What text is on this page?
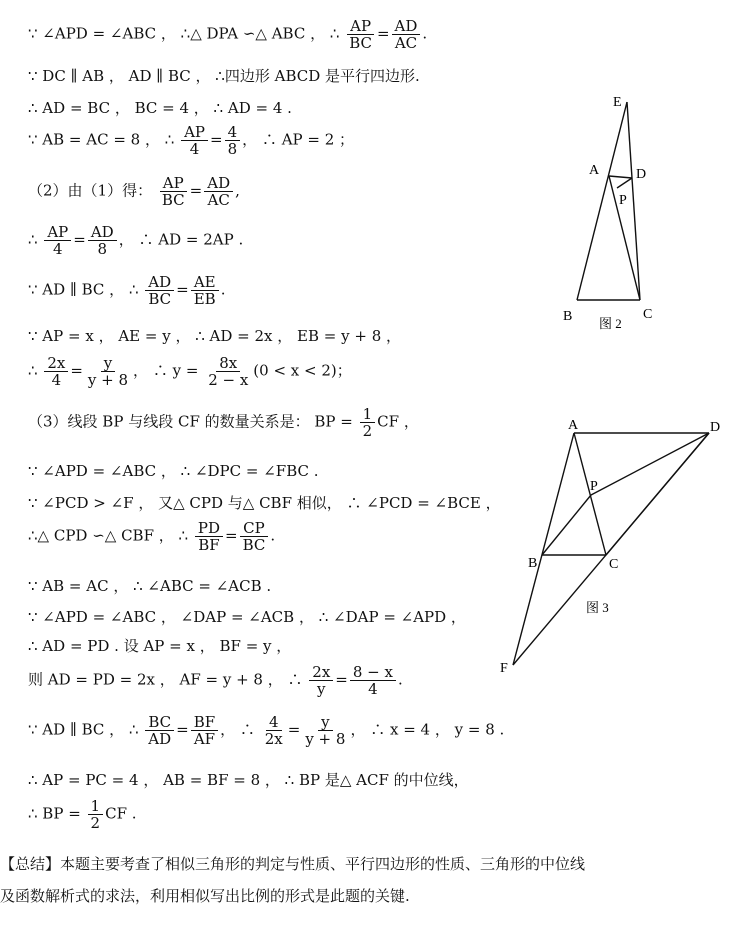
∵ ∠APD = ∠ABC ， ∴△ DPA ∽△ ABC ， ∴ $\frac{AP}{BC} = \frac{AD}{AC}$ .
∵ DC ∥ AB ， AD ∥ BC ， ∴四边形 ABCD 是平行四边形.
∴ AD = BC ， BC = 4 ， ∴ AD = 4 .
∵ AB = AC = 8 ， ∴ $\frac{AP}{4} = \frac{4}{8}$ ， ∴ AP = 2 ；
（2）由（1）得： $\frac{AP}{BC} = \frac{AD}{AC}$ ,
∴ $\frac{AP}{4} = \frac{AD}{8}$ ， ∴ AD = 2AP .
∵ AD ∥ BC ， ∴ $\frac{AD}{BC} = \frac{AE}{EB}$ .
∵ AP = x ， AE = y ， ∴ AD = 2x ， EB = y + 8 ，
∴ $\frac{2x}{4} = \frac{y}{y + 8}$ ， ∴ $y = \frac{8x}{2 - x} (0 < x < 2)$；
（3）线段 BP 与线段 CF 的数量关系是： BP = $\frac{1}{2}$ CF ，
∵ ∠APD = ∠ABC ， ∴ ∠DPC = ∠FBC .
∵ ∠PCD > ∠F ， 又△ CPD 与△ CBF 相似， ∴ ∠PCD = ∠BCE ，
∴△ CPD ∽△ CBF ， ∴ $\frac{PD}{BF} = \frac{CP}{BC}$ .
∵ AB = AC ， ∴ ∠ABC = ∠ACB .
∵ ∠APD = ∠ABC ， ∠DAP = ∠ACB ， ∴ ∠DAP = ∠APD ，
∴ AD = PD . 设 AP = x ， BF = y ，
则 AD = PD = 2x ， AF = y + 8 ， ∴ $\frac{2x}{y} = \frac{8 - x}{4}$ .
∵ AD ∥ BC ， ∴ $\frac{BC}{AD} = \frac{BF}{AF}$ ， ∴ $\frac{4}{2x} = \frac{y}{y + 8}$ ， ∴ x = 4 ， y = 8 .
∴ AP = PC = 4 ， AB = BF = 8 ， ∴ BP 是△ ACF 的中位线，
∴ BP = $\frac{1}{2}$ CF .
【总结】本题主要考查了相似三角形的判定与性质、平行四边形的性质、三角形的中位线
及函数解析式的求法，利用相似写出比例的形式是此题的关键.
E
A	D
P
B	C
图 2
A	D
P
B	C
F
图 3
